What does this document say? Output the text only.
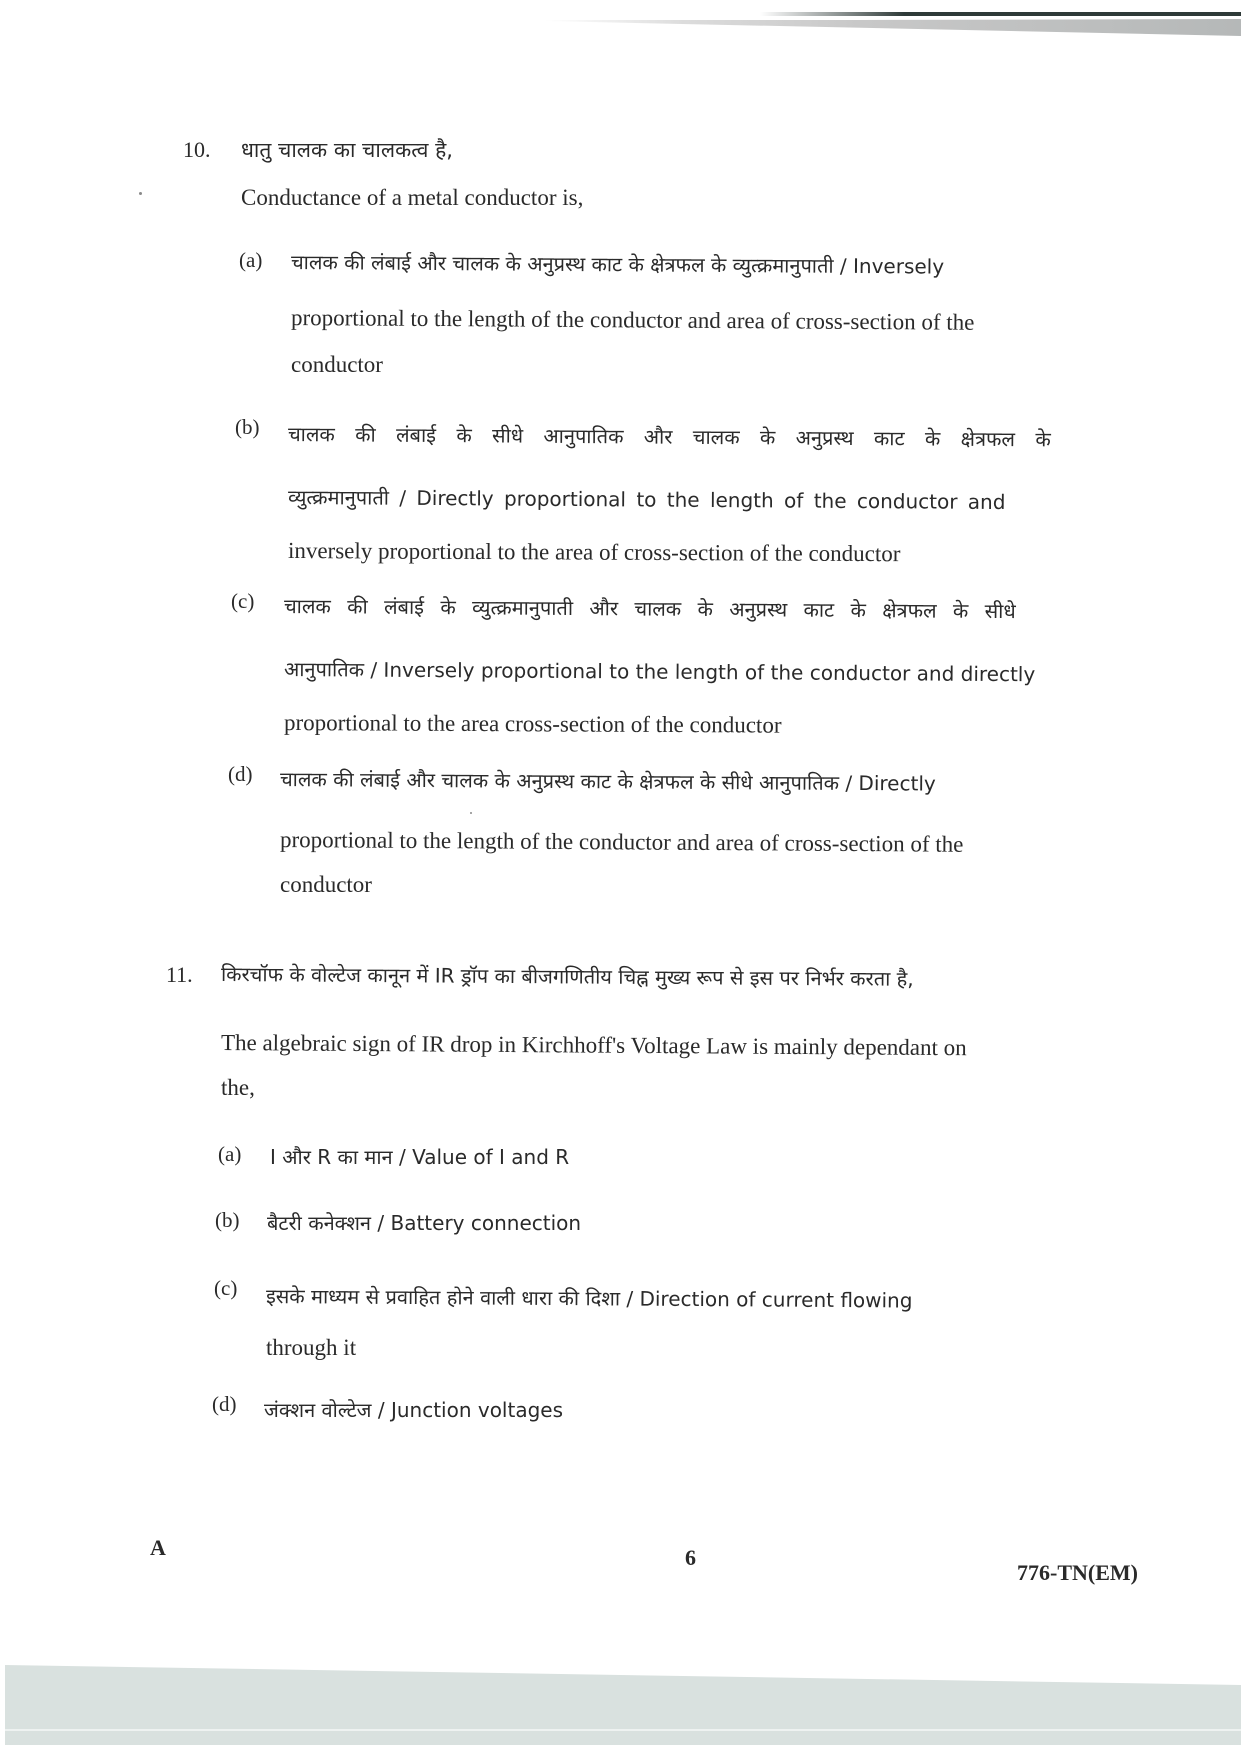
10. धातु चालक का चालकत्व है,
Conductance of a metal conductor is,
(a) चालक की लंबाई और चालक के अनुप्रस्थ काट के क्षेत्रफल के व्युत्क्रमानुपाती / Inversely
proportional to the length of the conductor and area of cross-section of the
conductor
(b) चालक की लंबाई के सीधे आनुपातिक और चालक के अनुप्रस्थ काट के क्षेत्रफल के
व्युत्क्रमानुपाती / Directly proportional to the length of the conductor and
inversely proportional to the area of cross-section of the conductor
(c) चालक की लंबाई के व्युत्क्रमानुपाती और चालक के अनुप्रस्थ काट के क्षेत्रफल के सीधे
आनुपातिक / Inversely proportional to the length of the conductor and directly
proportional to the area cross-section of the conductor
(d) चालक की लंबाई और चालक के अनुप्रस्थ काट के क्षेत्रफल के सीधे आनुपातिक / Directly
proportional to the length of the conductor and area of cross-section of the
conductor
11. किरचॉफ के वोल्टेज कानून में IR ड्रॉप का बीजगणितीय चिह्न मुख्य रूप से इस पर निर्भर करता है,
The algebraic sign of IR drop in Kirchhoff's Voltage Law is mainly dependant on
the,
(a) I और R का मान / Value of I and R
(b) बैटरी कनेक्शन / Battery connection
(c) इसके माध्यम से प्रवाहित होने वाली धारा की दिशा / Direction of current flowing
through it
(d) जंक्शन वोल्टेज / Junction voltages
A	6
776-TN(EM)
